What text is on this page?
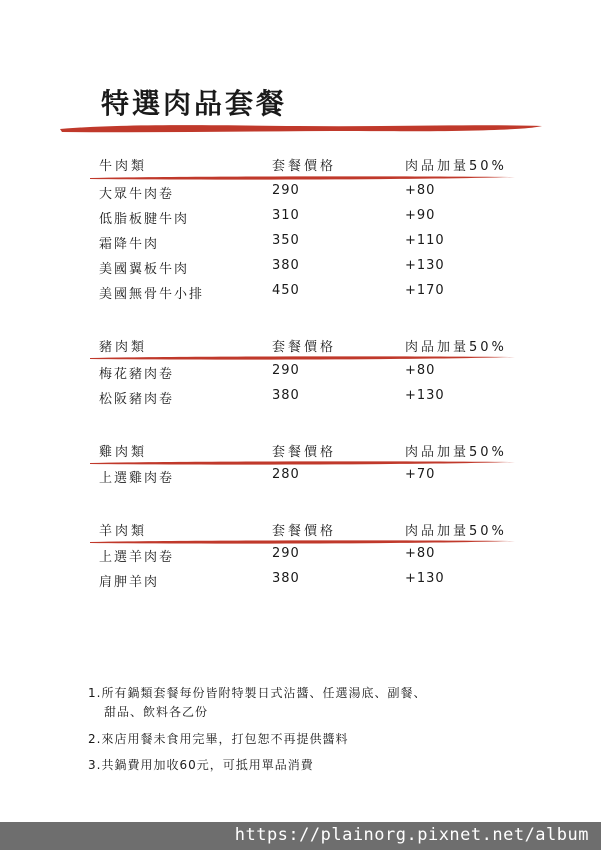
特選肉品套餐
牛肉類	套餐價格	肉品加量50%
大眾牛肉卷	290	+80
低脂板腱牛肉	310	+90
霜降牛肉	350	+110
美國翼板牛肉	380	+130
美國無骨牛小排	450	+170
豬肉類	套餐價格	肉品加量50%
梅花豬肉卷	290	+80
松阪豬肉卷	380	+130
雞肉類	套餐價格	肉品加量50%
上選雞肉卷	280	+70
羊肉類	套餐價格	肉品加量50%
上選羊肉卷	290	+80
肩胛羊肉	380	+130
1.所有鍋類套餐每份皆附特製日式沾醬、任選湯底、副餐、
甜品、飲料各乙份
2.來店用餐未食用完畢，打包恕不再提供醬料
3.共鍋費用加收60元，可抵用單品消費
https://plainorg.pixnet.net/album
